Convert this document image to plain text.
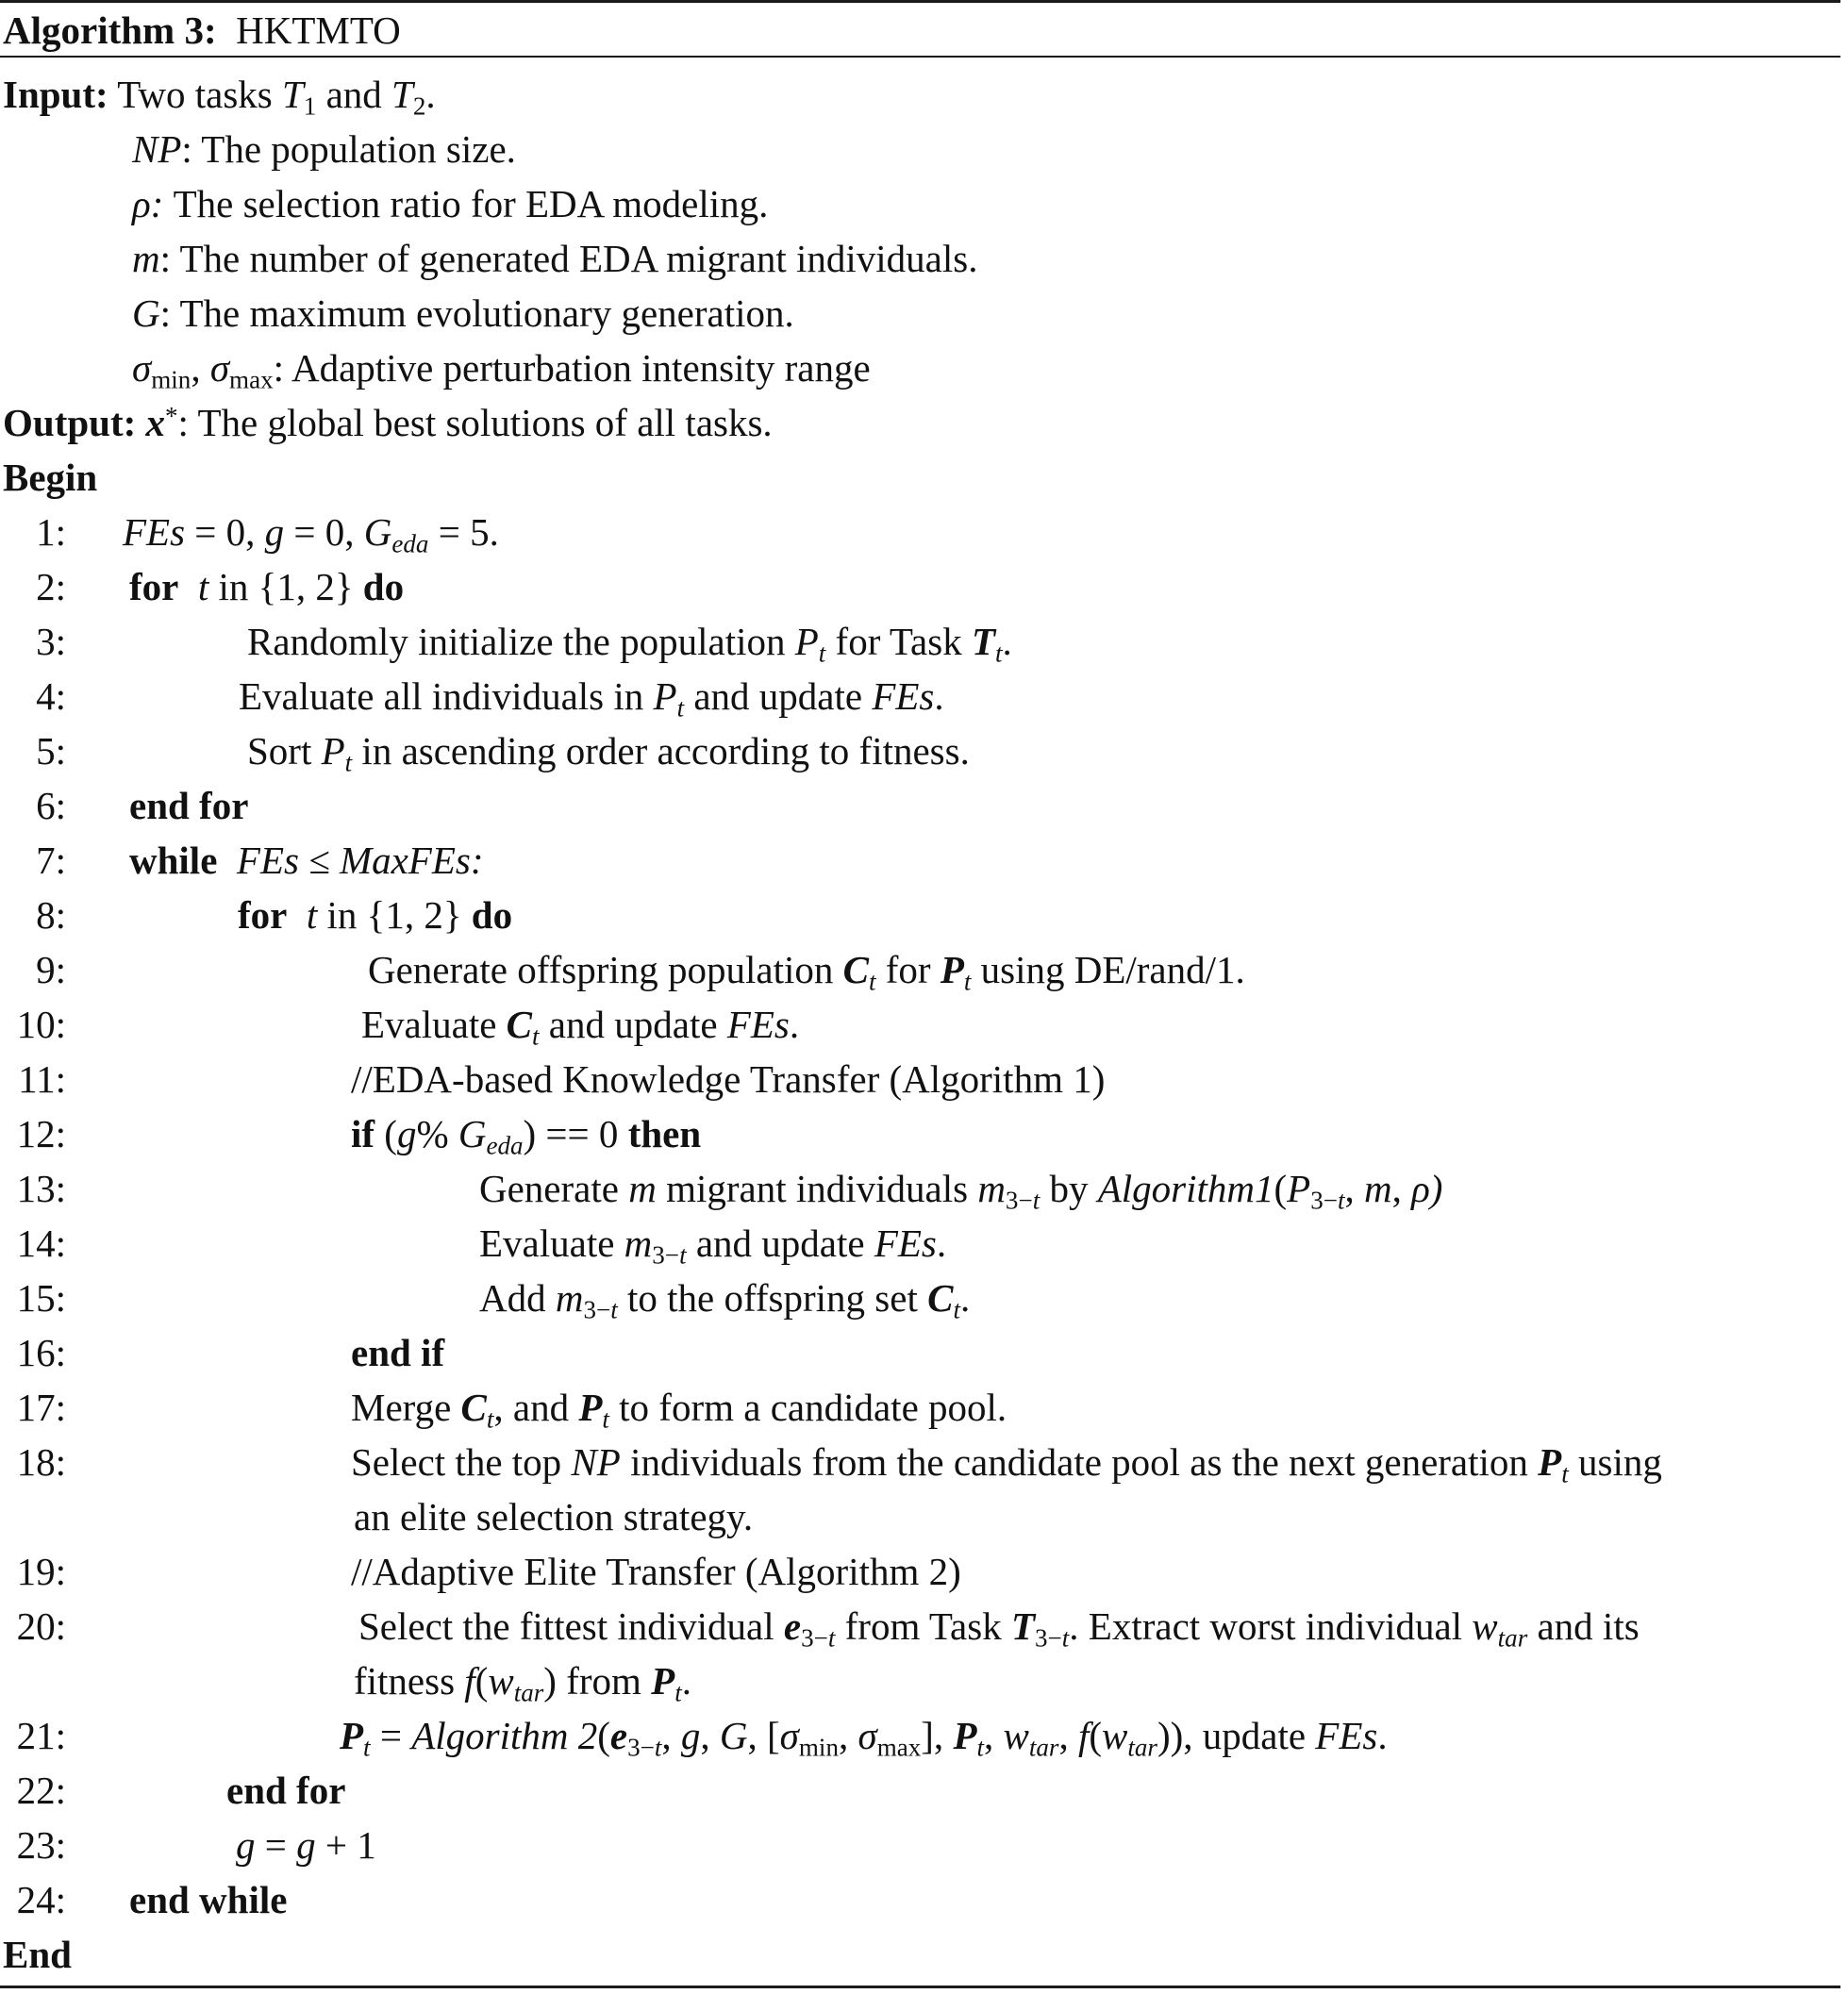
Algorithm 3: HKTMTO
Input: Two tasks $T_1$ and $T_2$.
NP: The population size.
ρ: The selection ratio for EDA modeling.
m: The number of generated EDA migrant individuals.
G: The maximum evolutionary generation.
$\sigma_{min}$, $\sigma_{max}$: Adaptive perturbation intensity range
Output: x*: The global best solutions of all tasks.
Begin
1: FEs = 0, g = 0, Geda = 5.
2: for t in {1, 2} do
3:	Randomly initialize the population Pt for Task Tt.
4:	Evaluate all individuals in Pt and update FEs.
5:	Sort Pt in ascending order according to fitness.
6: end for
7: while FEs ≤ MaxFEs:
8:	for t in {1, 2} do
9:	Generate offspring population Ct for Pt using DE/rand/1.
10:	Evaluate Ct and update FEs.
11:	//EDA-based Knowledge Transfer (Algorithm 1)
12:	if (g% Geda) == 0 then
13:	Generate m migrant individuals $m_{3-}t$ by $Algorithm1(P_{3-}t$, m, ρ)
14:	Evaluate $m_{3-}t$ and update FEs.
15:	Add $m_{3-}t$ to the offspring set Ct.
16:	end if
17:	Merge Ct, and Pt to form a candidate pool.
18:	Select the top NP individuals from the candidate pool as the next generation Pt using
an elite selection strategy.
19:	//Adaptive Elite Transfer (Algorithm 2)
20:	Select the fittest individual $e_{3-}t$ from Task $T_{3-}t$. Extract worst individual wtar and its
fitness f(wtar) from Pt.
21:	Pt = Algorithm $2(e_{3-}t$, g, G, [$\sigma_{min}$, $\sigma_{max}$], Pt, wtar, f(wtar)), update FEs.
22:	end for
23:	g = g + 1
24: end while
End
